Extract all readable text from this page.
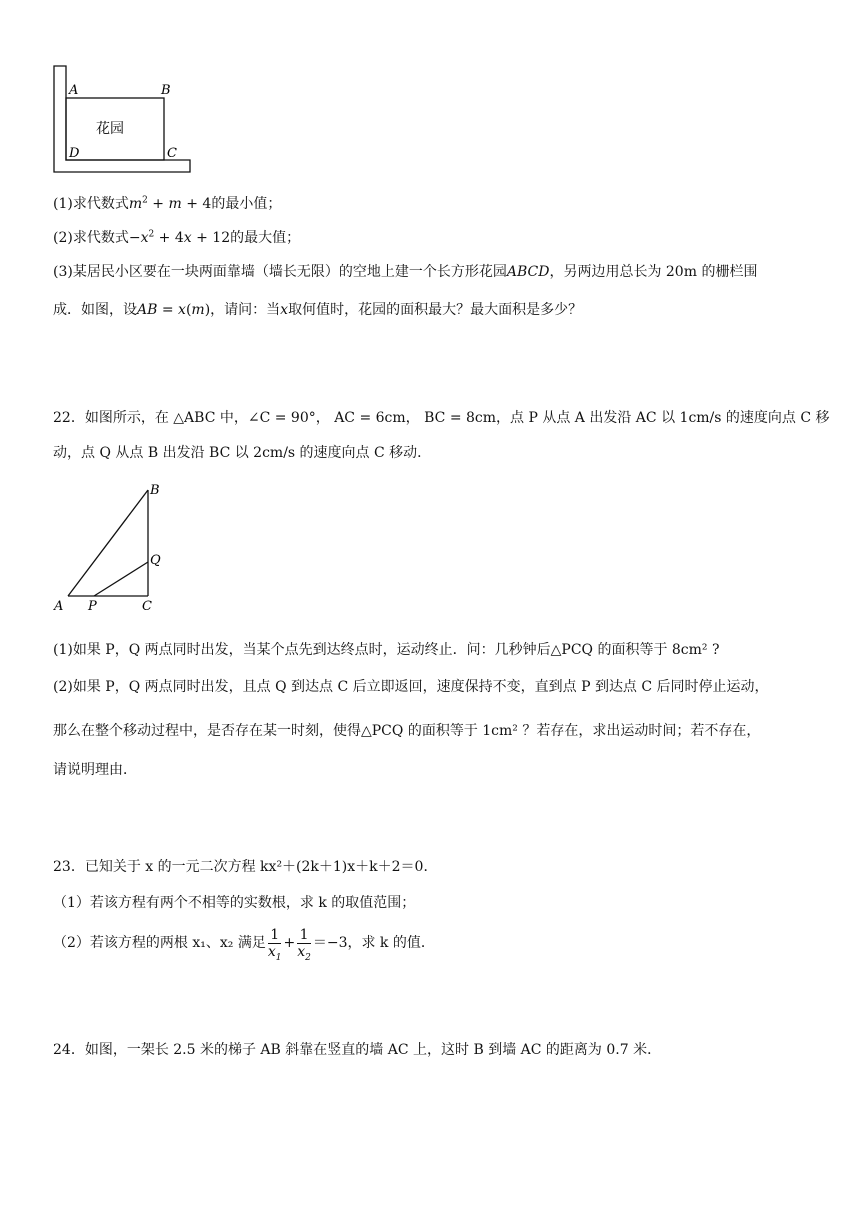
A	B
C
D
花园
(1)求代数式$m^2 + m + 4$的最小值；
(2)求代数式$-x^2 + 4x + 12$的最大值；
(3)某居民小区要在一块两面靠墙（墙长无限）的空地上建一个长方形花园ABCD，另两边用总长为 20m 的栅栏围
成．如图，设AB = x(m)，请问：当x取何值时，花园的面积最大？最大面积是多少？
22．如图所示，在 △ABC 中，∠C = 90°， AC = 6cm， BC = 8cm，点 P 从点 A 出发沿 AC 以 1cm/s 的速度向点 C 移
动，点 Q 从点 B 出发沿 BC 以 2cm/s 的速度向点 C 移动．
B
Q
A P	C
(1)如果 P，Q 两点同时出发，当某个点先到达终点时，运动终止．问：几秒钟后△PCQ 的面积等于 8cm² ?
(2)如果 P，Q 两点同时出发，且点 Q 到达点 C 后立即返回，速度保持不变，直到点 P 到达点 C 后同时停止运动，
那么在整个移动过程中，是否存在某一时刻，使得△PCQ 的面积等于 1cm² ？若存在，求出运动时间；若不存在，
请说明理由．
23．已知关于 x 的一元二次方程 kx²＋(2k＋1)x＋k＋2＝0．
（1）若该方程有两个不相等的实数根，求 k 的取值范围；
（2）若该方程的两根 x₁、x₂ 满足 $\frac{1}{x_1} + \frac{1}{x_2} =-3$，求 k 的值．
24．如图，一架长 2.5 米的梯子 AB 斜靠在竖直的墙 AC 上，这时 B 到墙 AC 的距离为 0.7 米．
